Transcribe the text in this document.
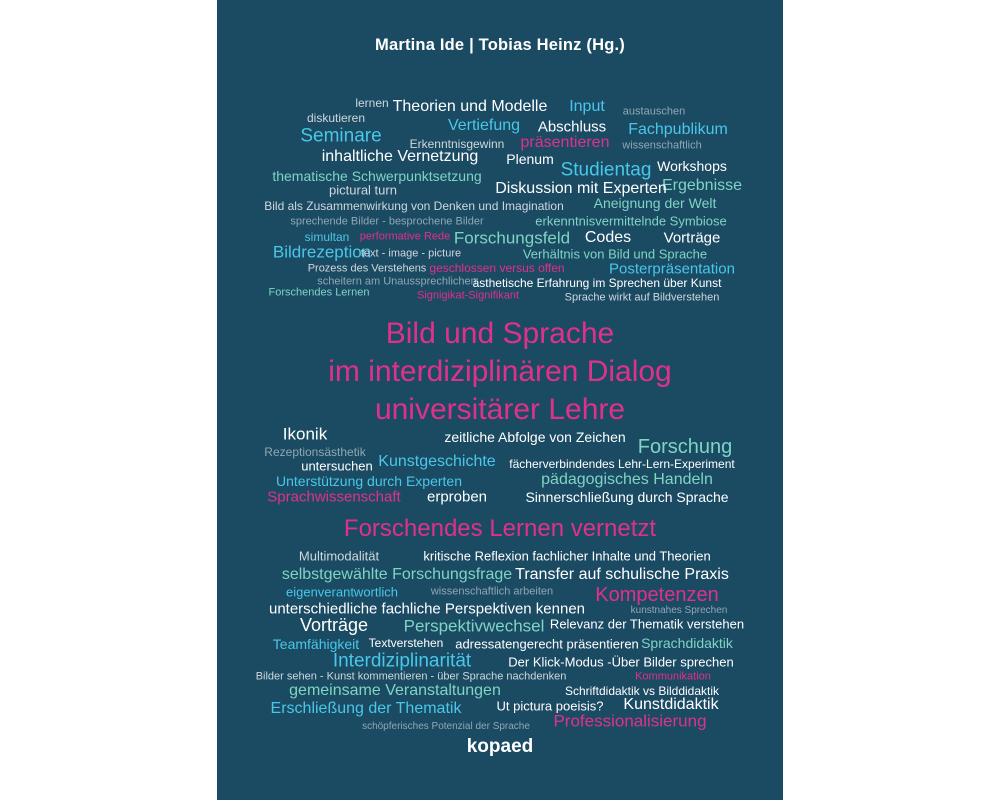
Martina Ide | Tobias Heinz (Hg.)
lernen Theorien und Modelle Input austauschen
diskutieren	Vertiefung Abschluss Fachpublikum
Seminare Erkenntnisgewinn präsentieren wissenschaftlich
inhaltliche Vernetzung Plenum
Studientag Workshops
thematische Schwerpunktsetzung
Ergebnisse
pictural turn	Diskussion mit Experten
Aneignung der Welt
Bild als Zusammenwirkung von Denken und Imagination
sprechende Bilder - besprochene Bilder	erkenntnisvermittelnde Symbiose
simultan performative Rede Forschungsfeld Codes Vorträge
Bildrezeption	Verhältnis von Bild und Sprache
text - image - picture
Prozess des Verstehens geschlossen versus offen	Posterpräsentation
scheitern am Unaussprechlichen
ästhetische Erfahrung im Sprechen über Kunst
Forschendes Lernen	Signigikat-Signifikant	Sprache wirkt auf Bildverstehen
Bild und Sprache
im interdiziplinären Dialog
universitärer Lehre
Ikonik	zeitliche Abfolge von Zeichen Forschung
Rezeptionsästhetik
Kunstgeschichte
untersuchen	fächerverbindendes Lehr-Lern-Experiment
Unterstützung durch Experten	pädagogisches Handeln
Sprachwissenschaft erproben	Sinnerschließung durch Sprache
Forschendes Lernen vernetzt
Multimodalität	kritische Reflexion fachlicher Inhalte und Theorien
selbstgewählte Forschungsfrage Transfer auf schulische Praxis
eigenverantwortlich	wissenschaftlich arbeiten Kompetenzen
kunstnahes Sprechen
unterschiedliche fachliche Perspektiven kennen
Vorträge Perspektivwechsel Relevanz der Thematik verstehen
Teamfähigkeit Textverstehen adressatengerecht präsentieren Sprachdidaktik
Interdiziplinarität	Der Klick-Modus -Über Bilder sprechen
Bilder sehen - Kunst kommentieren - über Sprache nachdenken	Kommunikation
gemeinsame Veranstaltungen	Schriftdidaktik vs Bilddidaktik
Erschließung der Thematik	Ut pictura poeisis? Kunstdidaktik
schöpferisches Potenzial der Sprache Professionalisierung
kopaed
